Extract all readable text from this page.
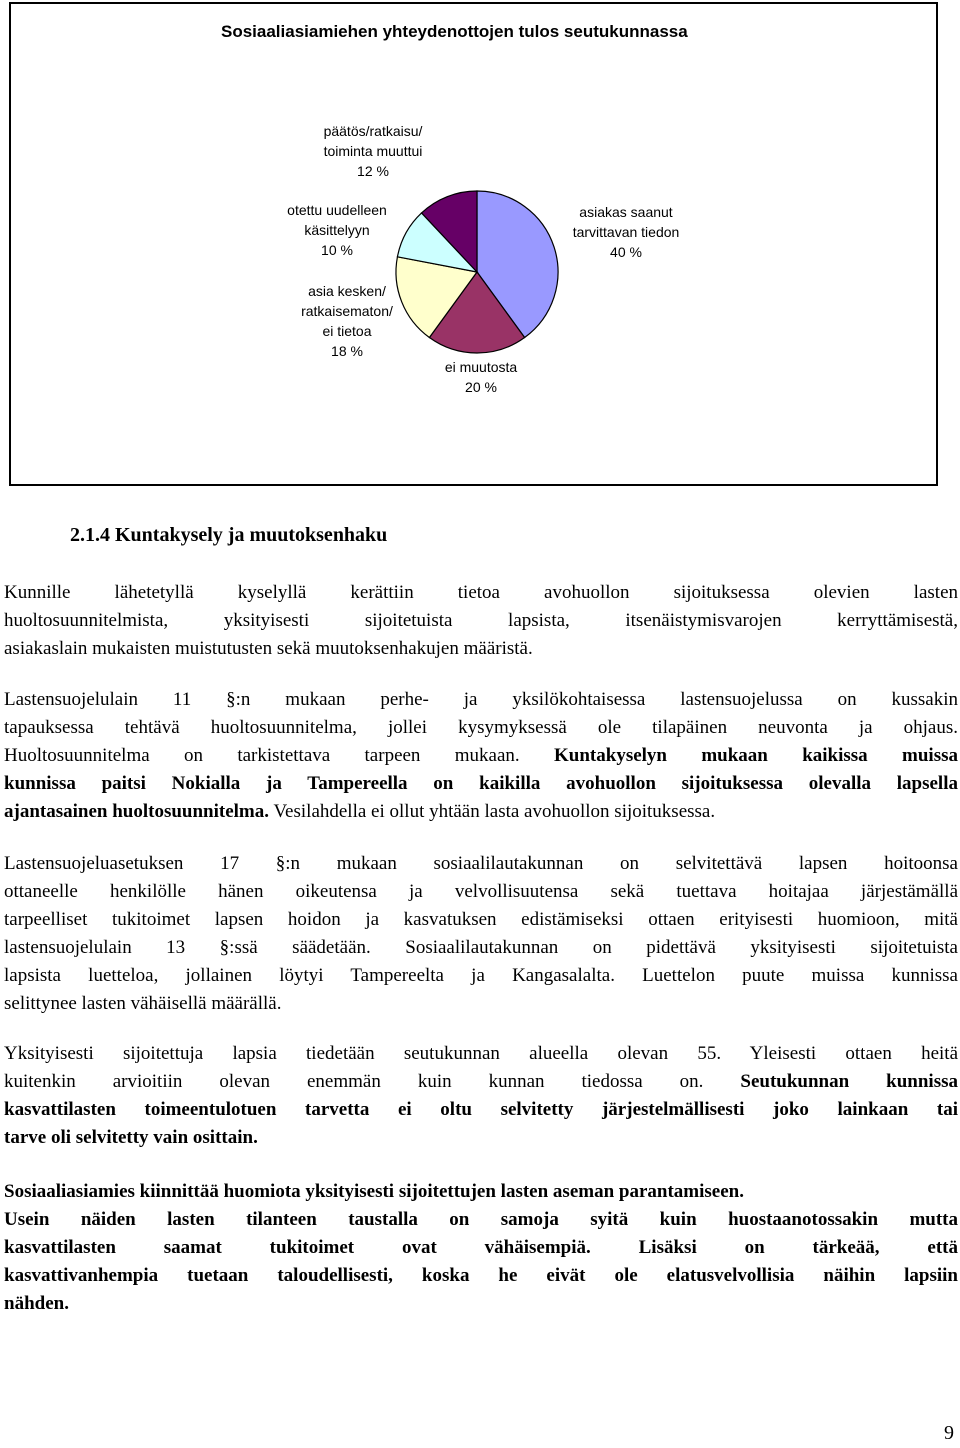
Sosiaaliasiamiehen yhteydenottojen tulos seutukunnassa
asiakas saanut tarvittavan tiedon 40 %
ei muutosta 20 %
asia kesken/ ratkaisematon/ ei tietoa 18 %
otettu uudelleen käsittelyyn 10 %
päätös/ratkaisu/ toiminta muuttui 12 %
2.1.4 Kuntakysely ja muutoksenhaku
Kunnille lähetetyllä kyselyllä kerättiin tietoa avohuollon sijoituksessa olevien lasten
huoltosuunnitelmista, yksityisesti sijoitetuista lapsista, itsenäistymisvarojen kerryttämisestä,
asiakaslain mukaisten muistutusten sekä muutoksenhakujen määristä.
Lastensuojelulain 11 §:n mukaan perhe- ja yksilökohtaisessa lastensuojelussa on kussakin
tapauksessa tehtävä huoltosuunnitelma, jollei kysymyksessä ole tilapäinen neuvonta ja ohjaus.
Huoltosuunnitelma on tarkistettava tarpeen mukaan. Kuntakyselyn mukaan kaikissa muissa
kunnissa paitsi Nokialla ja Tampereella on kaikilla avohuollon sijoituksessa olevalla lapsella
ajantasainen huoltosuunnitelma. Vesilahdella ei ollut yhtään lasta avohuollon sijoituksessa.
Lastensuojeluasetuksen 17 §:n mukaan sosiaalilautakunnan on selvitettävä lapsen hoitoonsa
ottaneelle henkilölle hänen oikeutensa ja velvollisuutensa sekä tuettava hoitajaa järjestämällä
tarpeelliset tukitoimet lapsen hoidon ja kasvatuksen edistämiseksi ottaen erityisesti huomioon, mitä
lastensuojelulain 13 §:ssä säädetään. Sosiaalilautakunnan on pidettävä yksityisesti sijoitetuista
lapsista luetteloa, jollainen löytyi Tampereelta ja Kangasalalta. Luettelon puute muissa kunnissa
selittynee lasten vähäisellä määrällä.
Yksityisesti sijoitettuja lapsia tiedetään seutukunnan alueella olevan 55. Yleisesti ottaen heitä
kuitenkin arvioitiin olevan enemmän kuin kunnan tiedossa on. Seutukunnan kunnissa
kasvattilasten toimeentulotuen tarvetta ei oltu selvitetty järjestelmällisesti joko lainkaan tai
tarve oli selvitetty vain osittain.
Sosiaaliasiamies kiinnittää huomiota yksityisesti sijoitettujen lasten aseman parantamiseen.
Usein näiden lasten tilanteen taustalla on samoja syitä kuin huostaanotossakin mutta
kasvattilasten saamat tukitoimet ovat vähäisempiä. Lisäksi on tärkeää, että
kasvattivanhempia tuetaan taloudellisesti, koska he eivät ole elatusvelvollisia näihin lapsiin
nähden.
9
